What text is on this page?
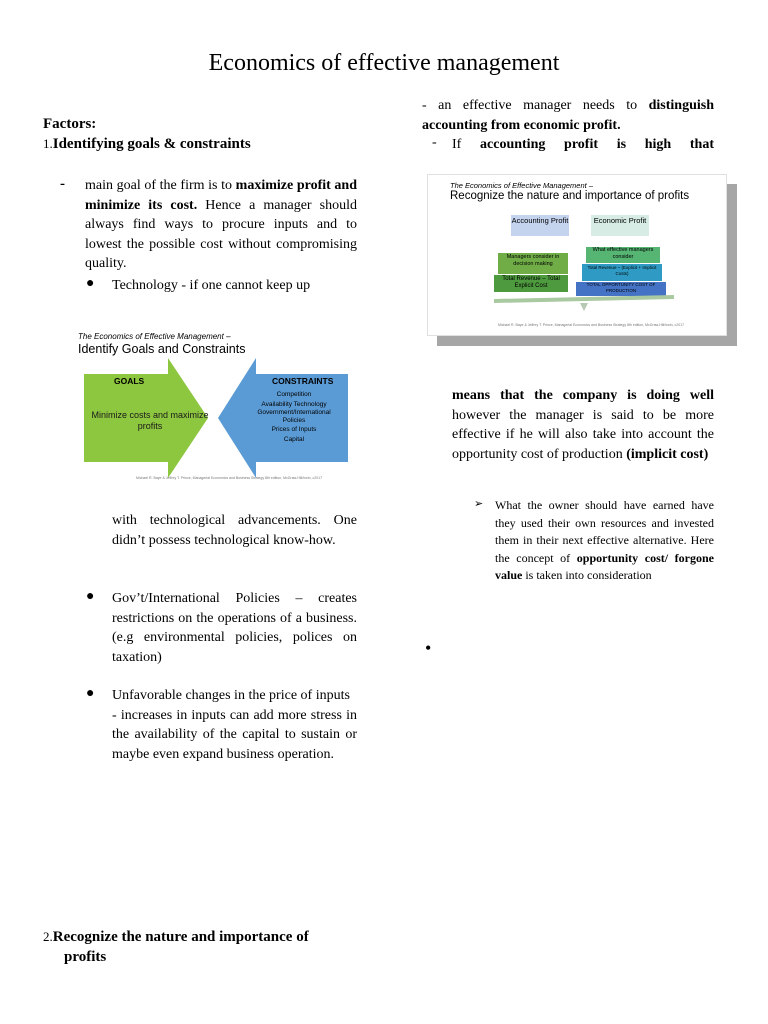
Economics of effective management
Factors:
1.Identifying goals & constraints
- main goal of the firm is to maximize profit and minimize its cost. Hence a manager should always find ways to procure inputs and to lowest the possible cost without compromising quality.
● Technology - if one cannot keep up
The Economics of Effective Management –
Identify Goals and Constraints
GOALS
Minimize costs and maximize profits
CONSTRAINTS
Competition
Availability Technology
Government/International Policies
Prices of Inputs
Capital
Michael R. Baye & Jeffrey T. Prince, Managerial Economics and Business Strategy 8th edition, McGraw-Hill/Irwin, c2017
with technological advancements. One didn’t possess technological know-how.
● Gov’t/International Policies – creates restrictions on the operations of a business. (e.g environmental policies, polices on taxation)
● Unfavorable changes in the price of inputs
- increases in inputs can add more stress in the availability of the capital to sustain or maybe even expand business operation.
2.Recognize the nature and importance of
profits
- an effective manager needs to distinguish accounting from economic profit.
- If accounting profit is high that
The Economics of Effective Management –
Recognize the nature and importance of profits
Accounting Profit	Economic Profit
Managers consider in decision making
Total Revenue – Total Explicit Cost
What effective managers consider
Total Revenue – (Explicit + Implicit Costs)
TOTAL OPPORTUNITY COST OF PRODUCTION
Michael R. Baye & Jeffrey T. Prince, Managerial Economics and Business Strategy 8th edition, McGraw-Hill/Irwin, c2017
means that the company is doing well however the manager is said to be more effective if he will also take into account the opportunity cost of production (implicit cost)
➢ What the owner should have earned have they used their own resources and invested them in their next effective alternative. Here the concept of opportunity cost/ forgone value is taken into consideration
•
